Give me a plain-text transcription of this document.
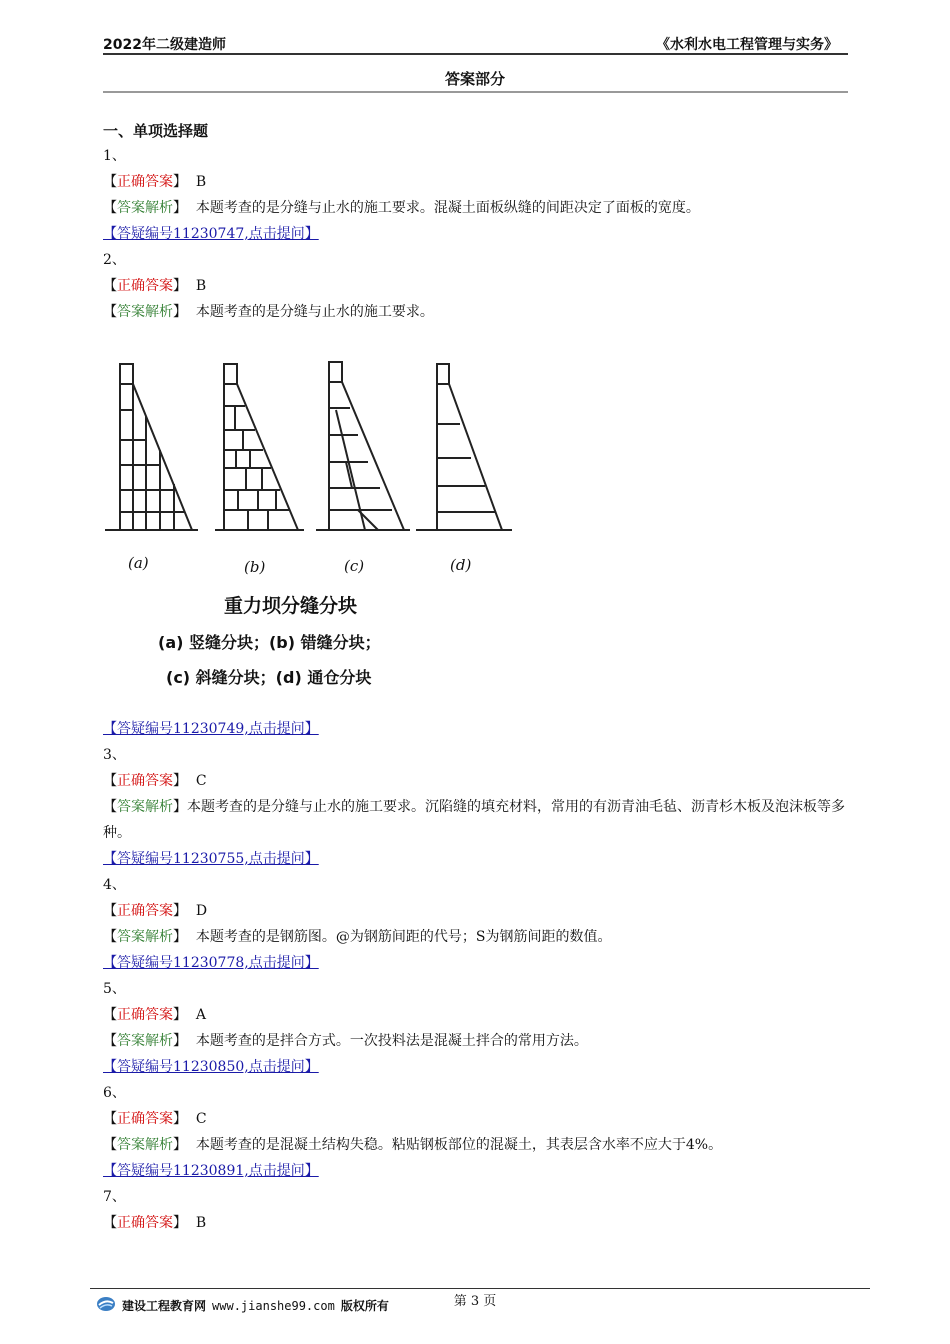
2022年二级建造师	《水利水电工程管理与实务》
答案部分
一、单项选择题
1、
【正确答案】 B
【答案解析】 本题考查的是分缝与止水的施工要求。混凝土面板纵缝的间距决定了面板的宽度。
【答疑编号11230747,点击提问】
2、
【正确答案】 B
【答案解析】 本题考查的是分缝与止水的施工要求。
(a)	(b)	(c)	(d)
重力坝分缝分块
(a) 竖缝分块；(b) 错缝分块；
(c) 斜缝分块；(d) 通仓分块
【答疑编号11230749,点击提问】
3、
【正确答案】 C
【答案解析】本题考查的是分缝与止水的施工要求。沉陷缝的填充材料，常用的有沥青油毛毡、沥青杉木板及泡沫板等多种。
【答疑编号11230755,点击提问】
4、
【正确答案】 D
【答案解析】 本题考查的是钢筋图。@为钢筋间距的代号；S为钢筋间距的数值。
【答疑编号11230778,点击提问】
5、
【正确答案】 A
【答案解析】 本题考查的是拌合方式。一次投料法是混凝土拌合的常用方法。
【答疑编号11230850,点击提问】
6、
【正确答案】 C
【答案解析】 本题考查的是混凝土结构失稳。粘贴钢板部位的混凝土，其表层含水率不应大于4%。
【答疑编号11230891,点击提问】
7、
【正确答案】 B
第 3 页
建设工程教育网 www.jianshe99.com 版权所有
